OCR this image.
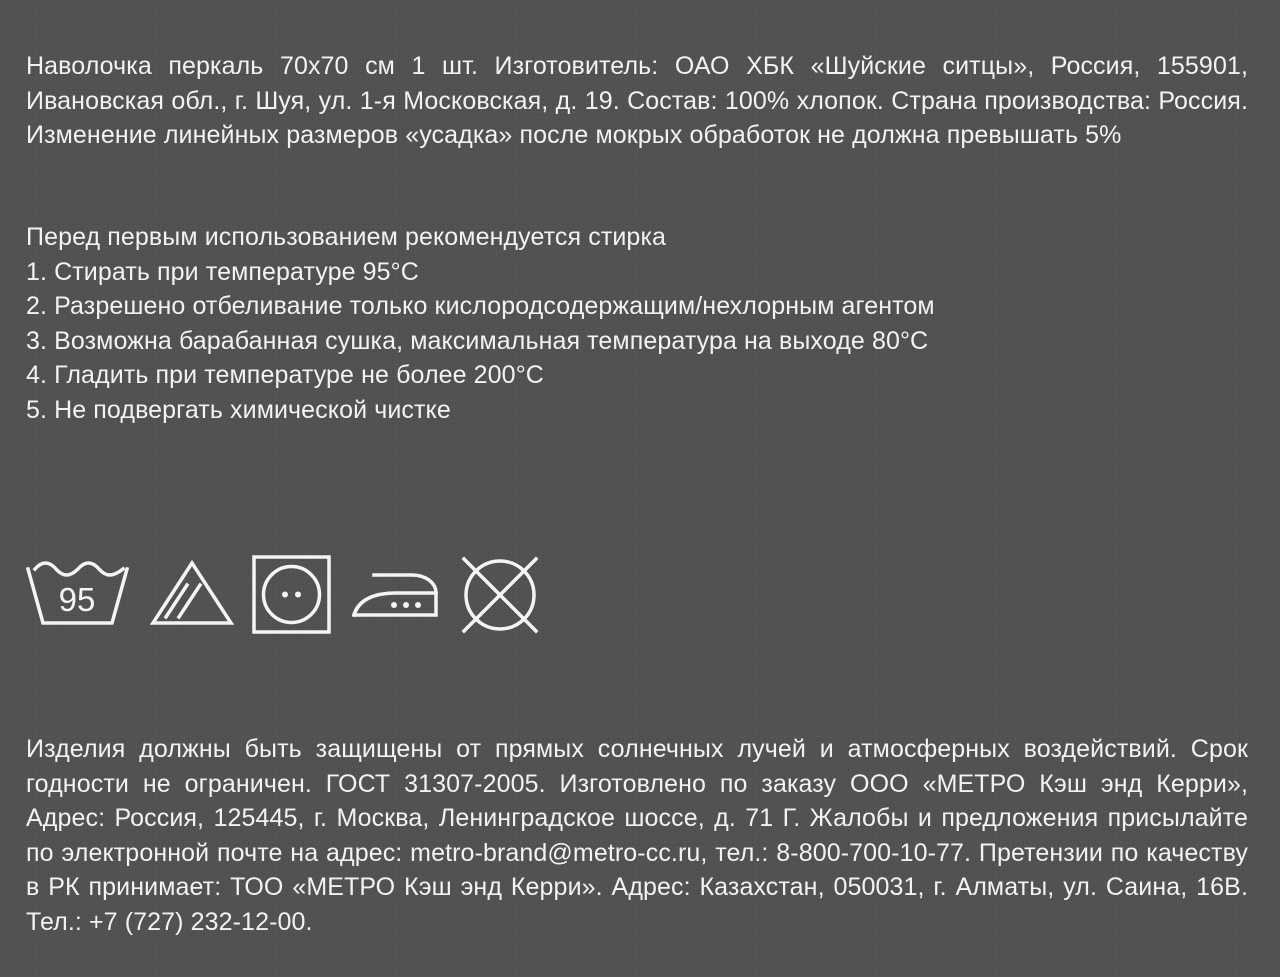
Наволочка перкаль 70х70 см 1 шт. Изготовитель: ОАО ХБК «Шуйские ситцы», Россия, 155901, Ивановская обл., г. Шуя, ул. 1-я Московская, д. 19. Состав: 100% хлопок. Страна производства: Россия. Изменение линейных размеров «усадка» после мокрых обработок не должна превышать 5%

Перед первым использованием рекомендуется стирка
1. Стирать при температуре 95°С
2. Разрешено отбеливание только кислородсодержащим/нехлорным агентом
3. Возможна барабанная сушка, максимальная температура на выходе 80°С
4. Гладить при температуре не более 200°С
5. Не подвергать химической чистке
95

Изделия должны быть защищены от прямых солнечных лучей и атмосферных воздействий. Срок годности не ограничен. ГОСТ 31307-2005. Изготовлено по заказу ООО «МЕТРО Кэш энд Керри», Адрес: Россия, 125445, г. Москва, Ленинградское шоссе, д. 71 Г. Жалобы и предложения присылайте по электронной почте на адрес: metro-brand@metro-cc.ru, тел.: 8-800-700-10-77. Претензии по качеству в РК принимает: ТОО «МЕТРО Кэш энд Керри». Адрес: Казахстан, 050031, г. Алматы, ул. Саина, 16В. Тел.: +7 (727) 232-12-00.
